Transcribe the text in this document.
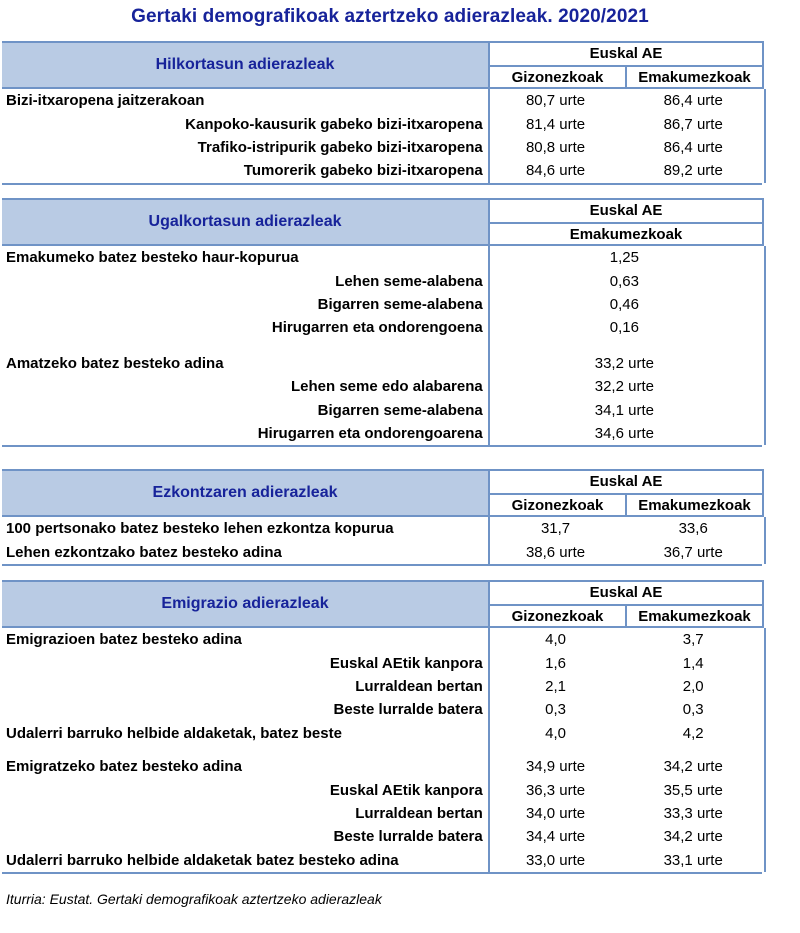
Gertaki demografikoak aztertzeko adierazleak. 2020/2021
Hilkortasun adierazleak
Euskal AE
Gizonezkoak	Emakumezkoak
Bizi-itxaropena jaitzerakoan	80,7 urte	86,4 urte
Kanpoko-kausurik gabeko bizi-itxaropena	81,4 urte	86,7 urte
Trafiko-istripurik gabeko bizi-itxaropena	80,8 urte	86,4 urte
Tumorerik gabeko bizi-itxaropena	84,6 urte	89,2 urte
Ugalkortasun adierazleak
Euskal AE
Emakumezkoak
Emakumeko batez besteko haur-kopurua	1,25
Lehen seme-alabena	0,63
Bigarren seme-alabena	0,46
Hirugarren eta ondorengoena	0,16
Amatzeko batez besteko adina	33,2 urte
Lehen seme edo alabarena	32,2 urte
Bigarren seme-alabena	34,1 urte
Hirugarren eta ondorengoarena	34,6 urte
Ezkontzaren adierazleak
Euskal AE
Gizonezkoak	Emakumezkoak
100 pertsonako batez besteko lehen ezkontza kopurua	31,7	33,6
Lehen ezkontzako batez besteko adina	38,6 urte	36,7 urte
Emigrazio adierazleak
Euskal AE
Gizonezkoak	Emakumezkoak
Emigrazioen batez besteko adina	4,0	3,7
Euskal AEtik kanpora	1,6	1,4
Lurraldean bertan	2,1	2,0
Beste lurralde batera	0,3	0,3
Udalerri barruko helbide aldaketak, batez beste	4,0	4,2
Emigratzeko batez besteko adina	34,9 urte	34,2 urte
Euskal AEtik kanpora	36,3 urte	35,5 urte
Lurraldean bertan	34,0 urte	33,3 urte
Beste lurralde batera	34,4 urte	34,2 urte
Udalerri barruko helbide aldaketak batez besteko adina	33,0 urte	33,1 urte
Iturria: Eustat. Gertaki demografikoak aztertzeko adierazleak
